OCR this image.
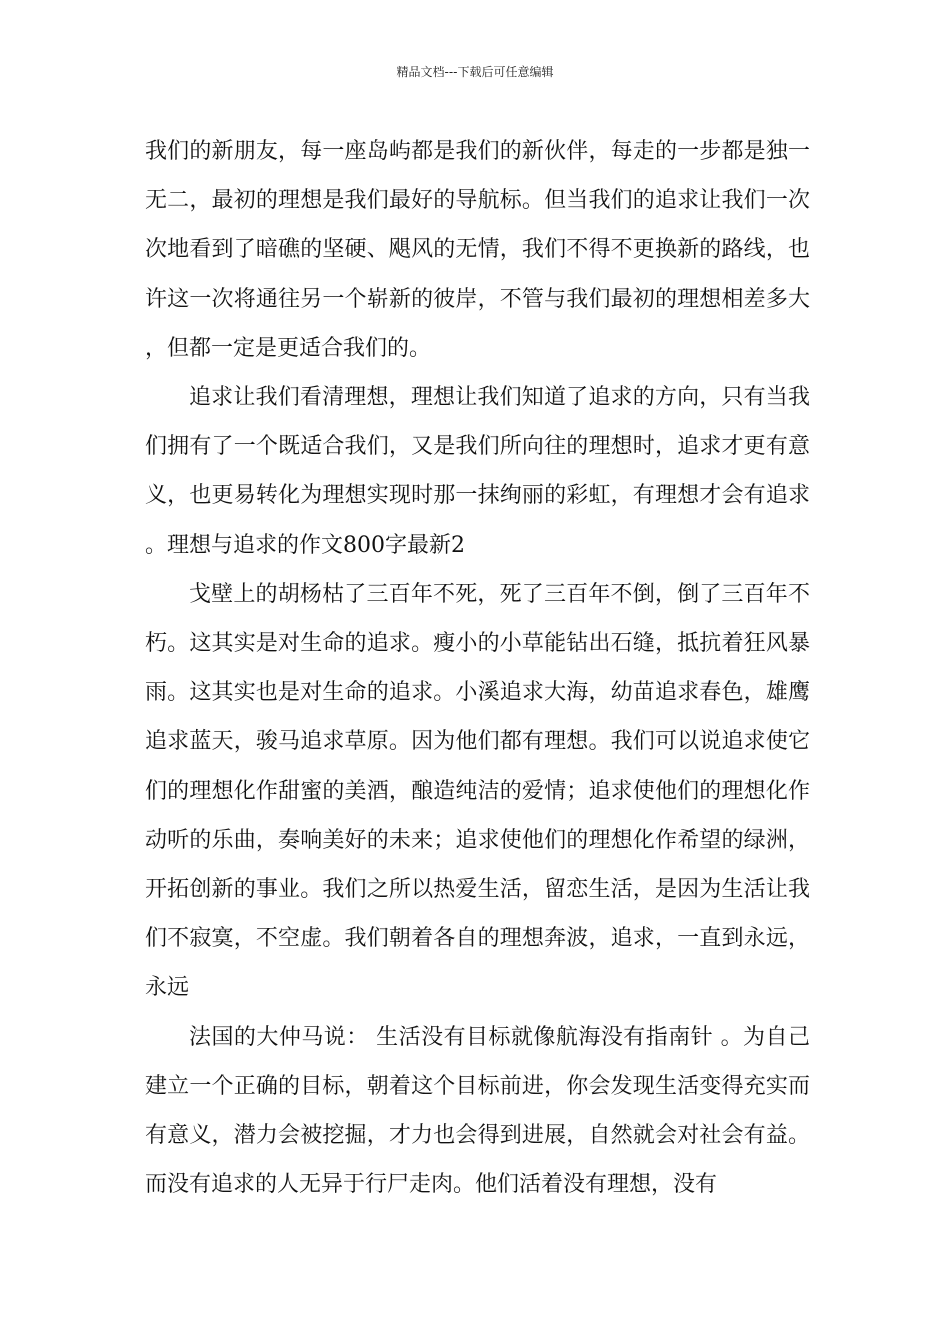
精品文档---下载后可任意编辑

我们的新朋友，每一座岛屿都是我们的新伙伴，每走的一步都是独一无二，最初的理想是我们最好的导航标。但当我们的追求让我们一次次地看到了暗礁的坚硬、飓风的无情，我们不得不更换新的路线，也许这一次将通往另一个崭新的彼岸，不管与我们最初的理想相差多大，但都一定是更适合我们的。

追求让我们看清理想，理想让我们知道了追求的方向，只有当我们拥有了一个既适合我们，又是我们所向往的理想时，追求才更有意义，也更易转化为理想实现时那一抹绚丽的彩虹，有理想才会有追求。理想与追求的作文800字最新2

戈壁上的胡杨枯了三百年不死，死了三百年不倒，倒了三百年不朽。这其实是对生命的追求。瘦小的小草能钻出石缝，抵抗着狂风暴雨。这其实也是对生命的追求。小溪追求大海，幼苗追求春色，雄鹰追求蓝天，骏马追求草原。因为他们都有理想。我们可以说追求使它们的理想化作甜蜜的美酒，酿造纯洁的爱情；追求使他们的理想化作动听的乐曲，奏响美好的未来；追求使他们的理想化作希望的绿洲，开拓创新的事业。我们之所以热爱生活，留恋生活，是因为生活让我们不寂寞，不空虚。我们朝着各自的理想奔波，追求，一直到永远，永远

法国的大仲马说： 生活没有目标就像航海没有指南针 。为自己建立一个正确的目标，朝着这个目标前进，你会发现生活变得充实而有意义，潜力会被挖掘，才力也会得到进展，自然就会对社会有益。而没有追求的人无异于行尸走肉。他们活着没有理想，没有
